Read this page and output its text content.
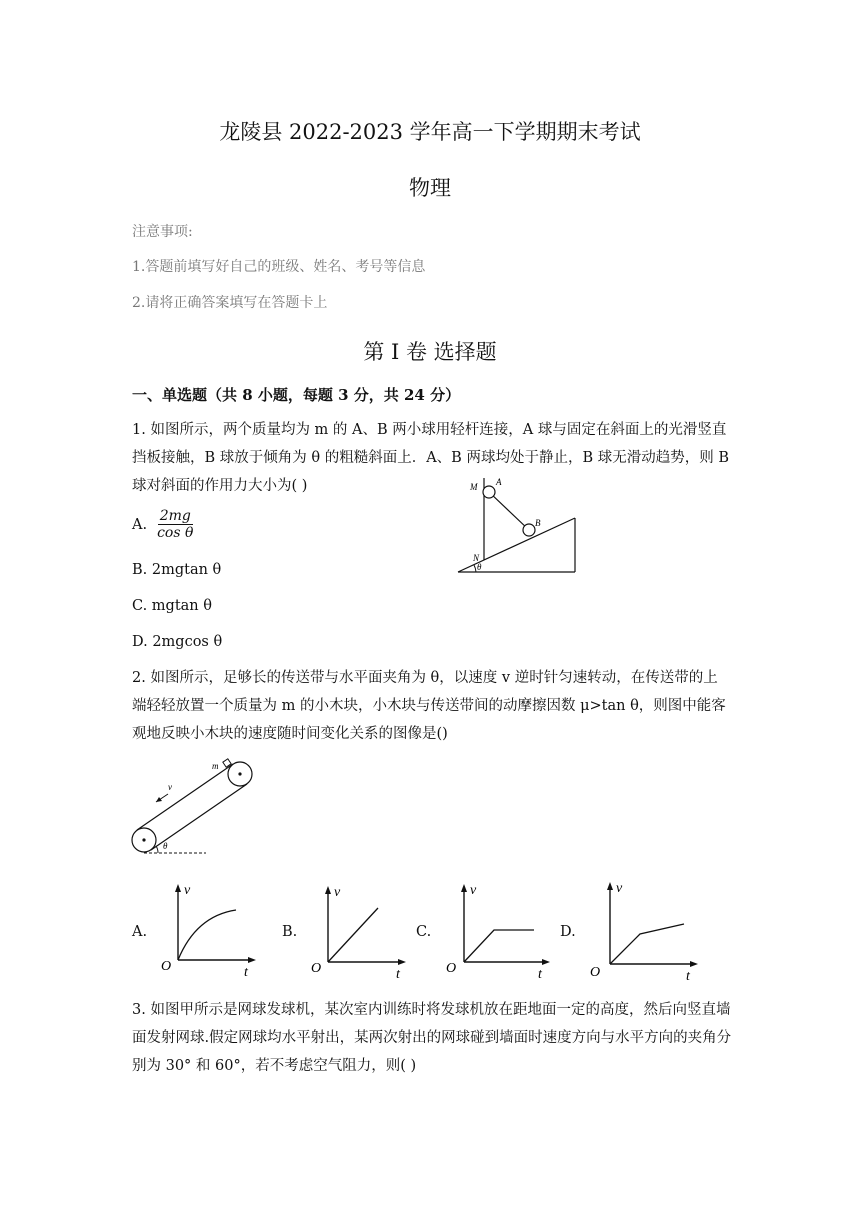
龙陵县 2022-2023 学年高一下学期期末考试
物理
注意事项:
1.答题前填写好自己的班级、姓名、考号等信息
2.请将正确答案填写在答题卡上
第 I 卷 选择题
一、单选题（共 8 小题，每题 3 分，共 24 分）
1. 如图所示，两个质量均为 m 的 A、B 两小球用轻杆连接，A 球与固定在斜面上的光滑竖直挡板接触，B 球放于倾角为 θ 的粗糙斜面上．A、B 两球均处于静止，B 球无滑动趋势，则 B 球对斜面的作用力大小为( )
A. $\frac{2mg}{\text{cos θ}}$
B. 2mgtan θ
C. mgtan θ
D. 2mgcos θ
M A
B
N
θ
2. 如图所示，足够长的传送带与水平面夹角为 θ，以速度 v 逆时针匀速转动，在传送带的上端轻轻放置一个质量为 m 的小木块，小木块与传送带间的动摩擦因数 μ>tan θ，则图中能客观地反映小木块的速度随时间变化关系的图像是()
v
m
θ
A.
v
O	t
B.
v
O	t
C.
v
O	t
D.
v
O	t
3. 如图甲所示是网球发球机，某次室内训练时将发球机放在距地面一定的高度，然后向竖直墙面发射网球.假定网球均水平射出，某两次射出的网球碰到墙面时速度方向与水平方向的夹角分别为 30° 和 60°，若不考虑空气阻力，则( )
